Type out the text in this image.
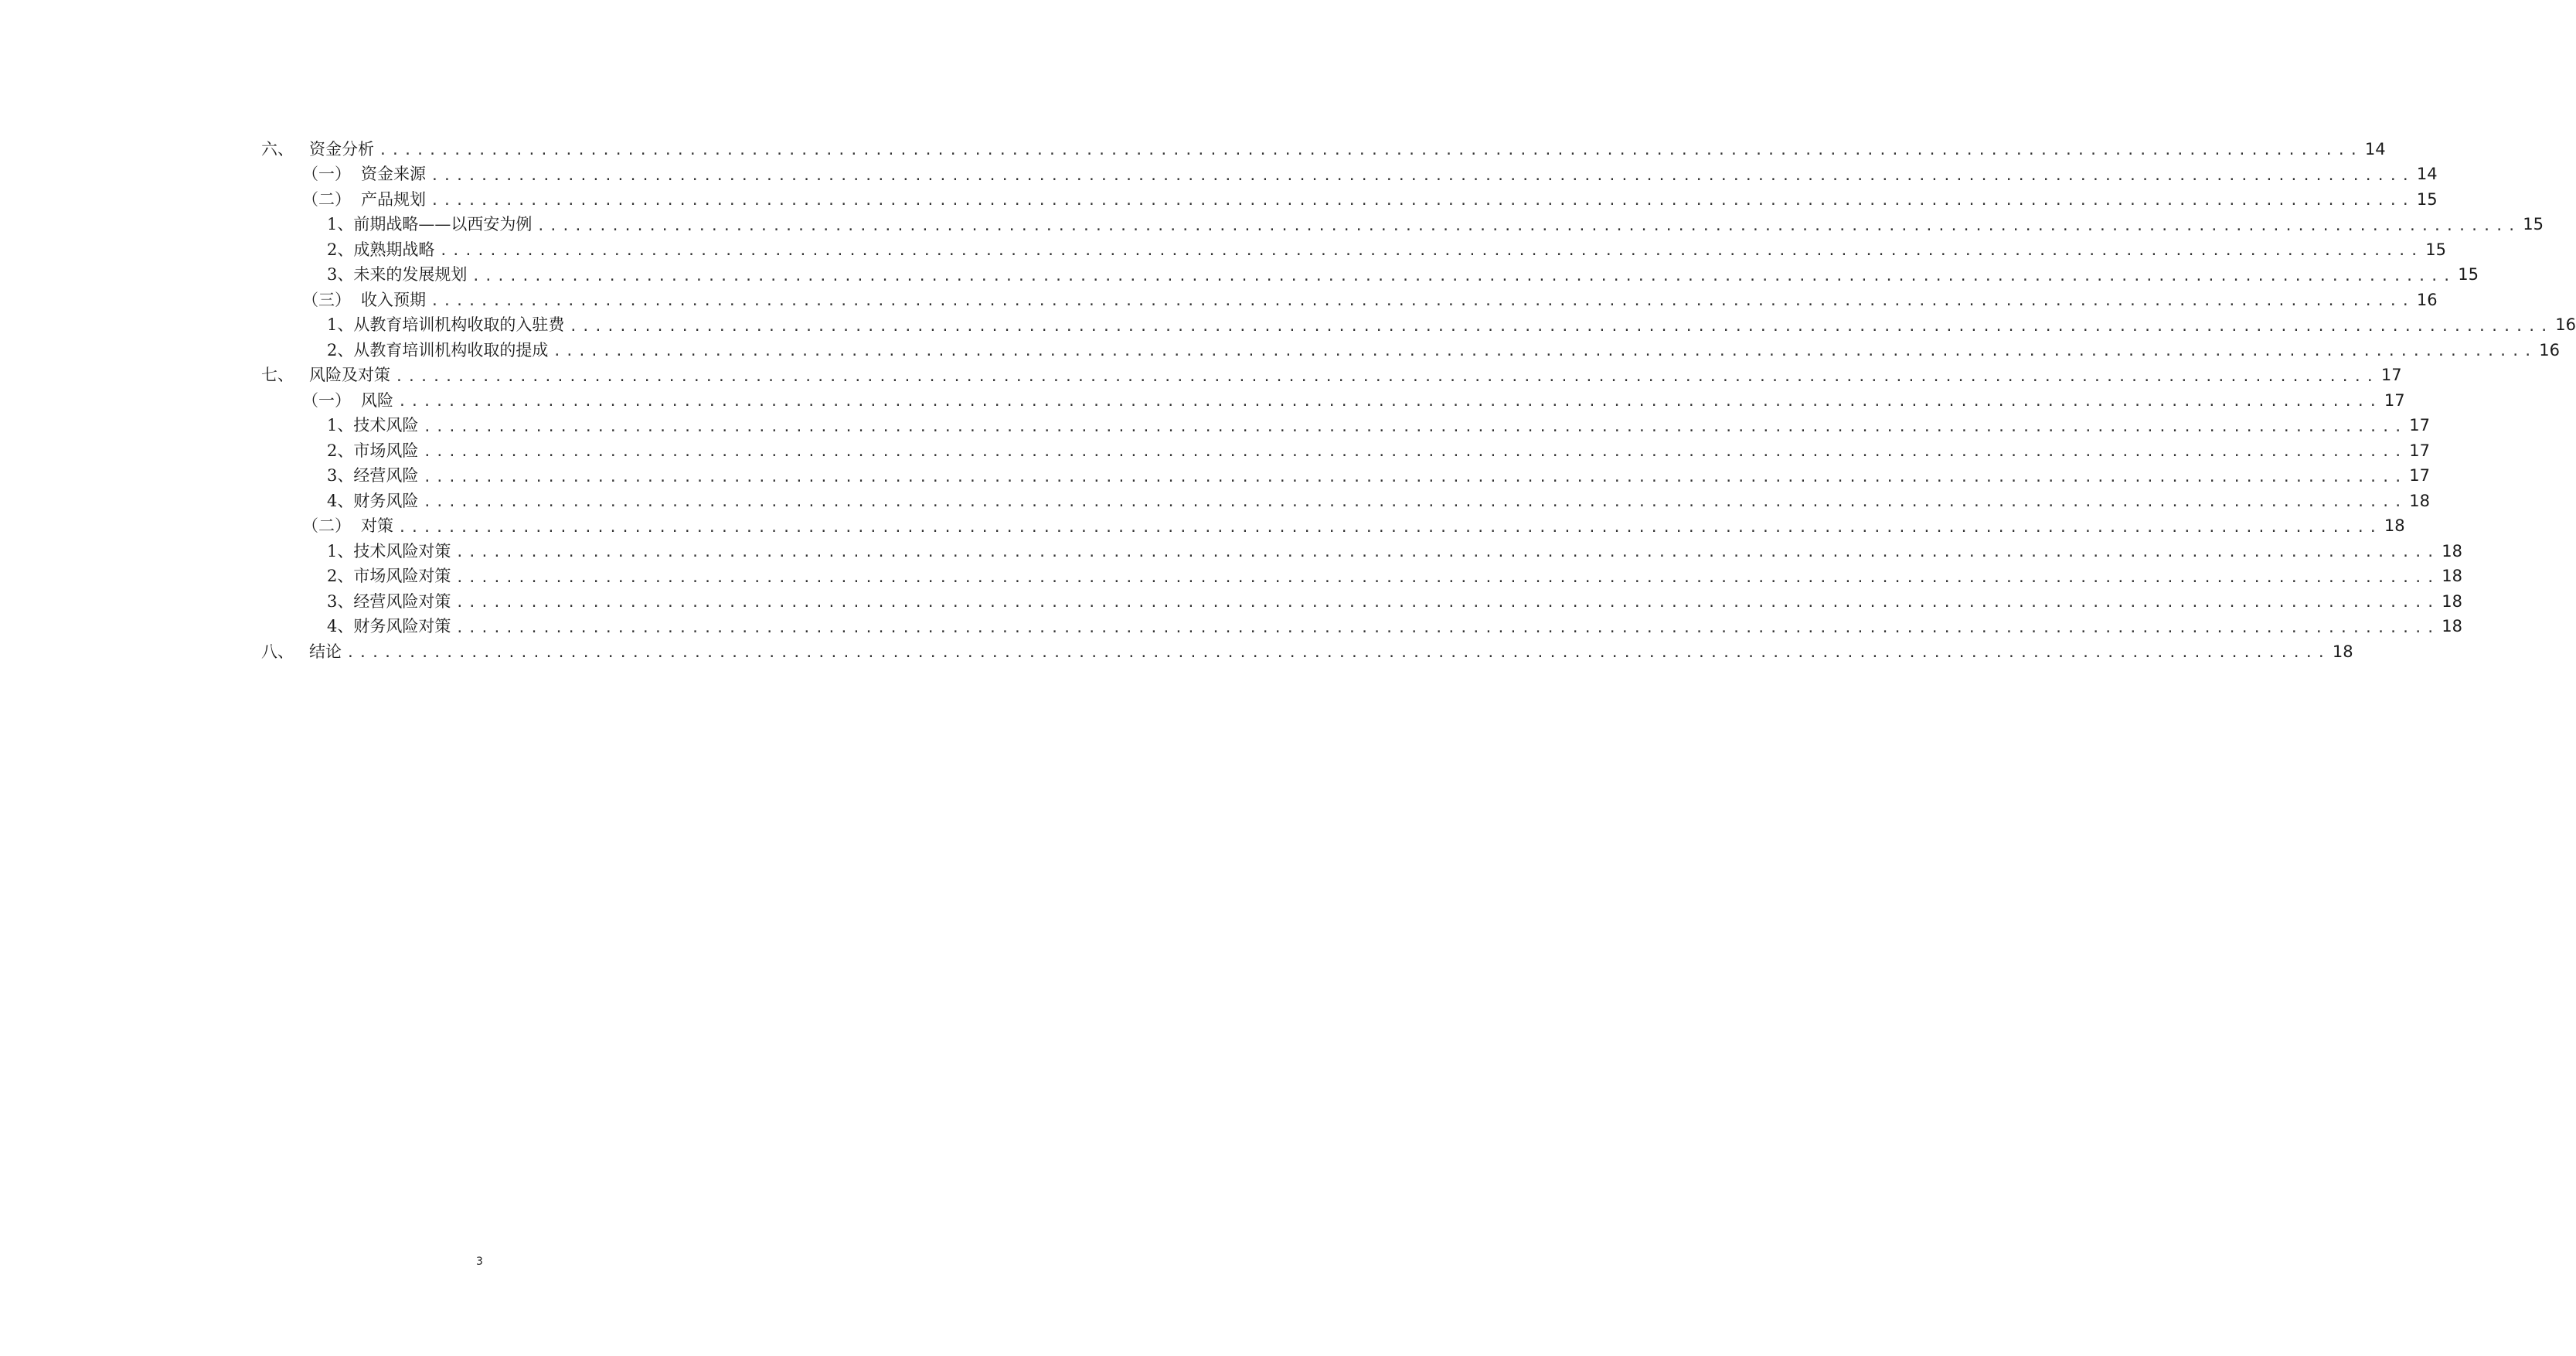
六、 资金分析 ................................................................................................................................................................ 14
（一） 资金来源 ................................................................................................................................................................ 14
（二） 产品规划 ................................................................................................................................................................ 15
1、 前期战略——以西安为例 ................................................................................................................................................................ 15
2、 成熟期战略 ................................................................................................................................................................ 15
3、 未来的发展规划 ................................................................................................................................................................ 15
（三） 收入预期 ................................................................................................................................................................ 16
1、 从教育培训机构收取的入驻费 ................................................................................................................................................................ 16
2、 从教育培训机构收取的提成 ................................................................................................................................................................ 16
七、 风险及对策 ................................................................................................................................................................ 17
（一） 风险 ................................................................................................................................................................ 17
1、 技术风险 ................................................................................................................................................................ 17
2、 市场风险 ................................................................................................................................................................ 17
3、 经营风险 ................................................................................................................................................................ 17
4、 财务风险 ................................................................................................................................................................ 18
（二） 对策 ................................................................................................................................................................ 18
1、 技术风险对策 ................................................................................................................................................................ 18
2、 市场风险对策 ................................................................................................................................................................ 18
3、 经营风险对策 ................................................................................................................................................................ 18
4、 财务风险对策 ................................................................................................................................................................ 18
八、 结论 ................................................................................................................................................................ 18
3
